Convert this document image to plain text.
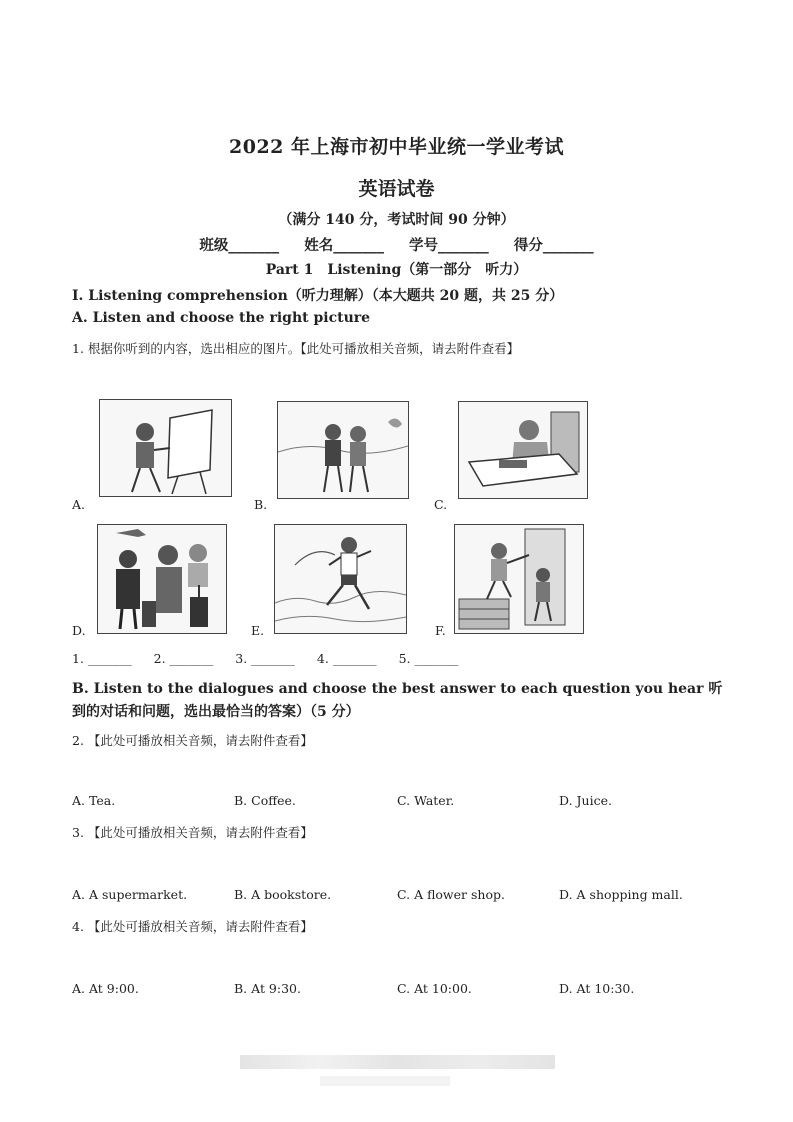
2022 年上海市初中毕业统一学业考试
英语试卷
（满分 140 分，考试时间 90 分钟）
班级_______ 姓名_______ 学号_______ 得分_______
Part 1　Listening（第一部分　听力）
I. Listening comprehension（听力理解）（本大题共 20 题，共 25 分）
A. Listen and choose the right picture
1. 根据你听到的内容，选出相应的图片。【此处可播放相关音频，请去附件查看】
A.	B.	C.
D.	E.	F.
1. _______ 2. _______ 3. _______ 4. _______ 5. _______
B. Listen to the dialogues and choose the best answer to each question you hear 听到的对话和问题，选出最恰当的答案）（5 分）
2. 【此处可播放相关音频，请去附件查看】
A. Tea.	B. Coffee.	C. Water.	D. Juice.
3. 【此处可播放相关音频，请去附件查看】
A. A supermarket.	B. A bookstore.	C. A flower shop.	D. A shopping mall.
4. 【此处可播放相关音频，请去附件查看】
A. At 9:00.	B. At 9:30.	C. At 10:00.	D. At 10:30.
